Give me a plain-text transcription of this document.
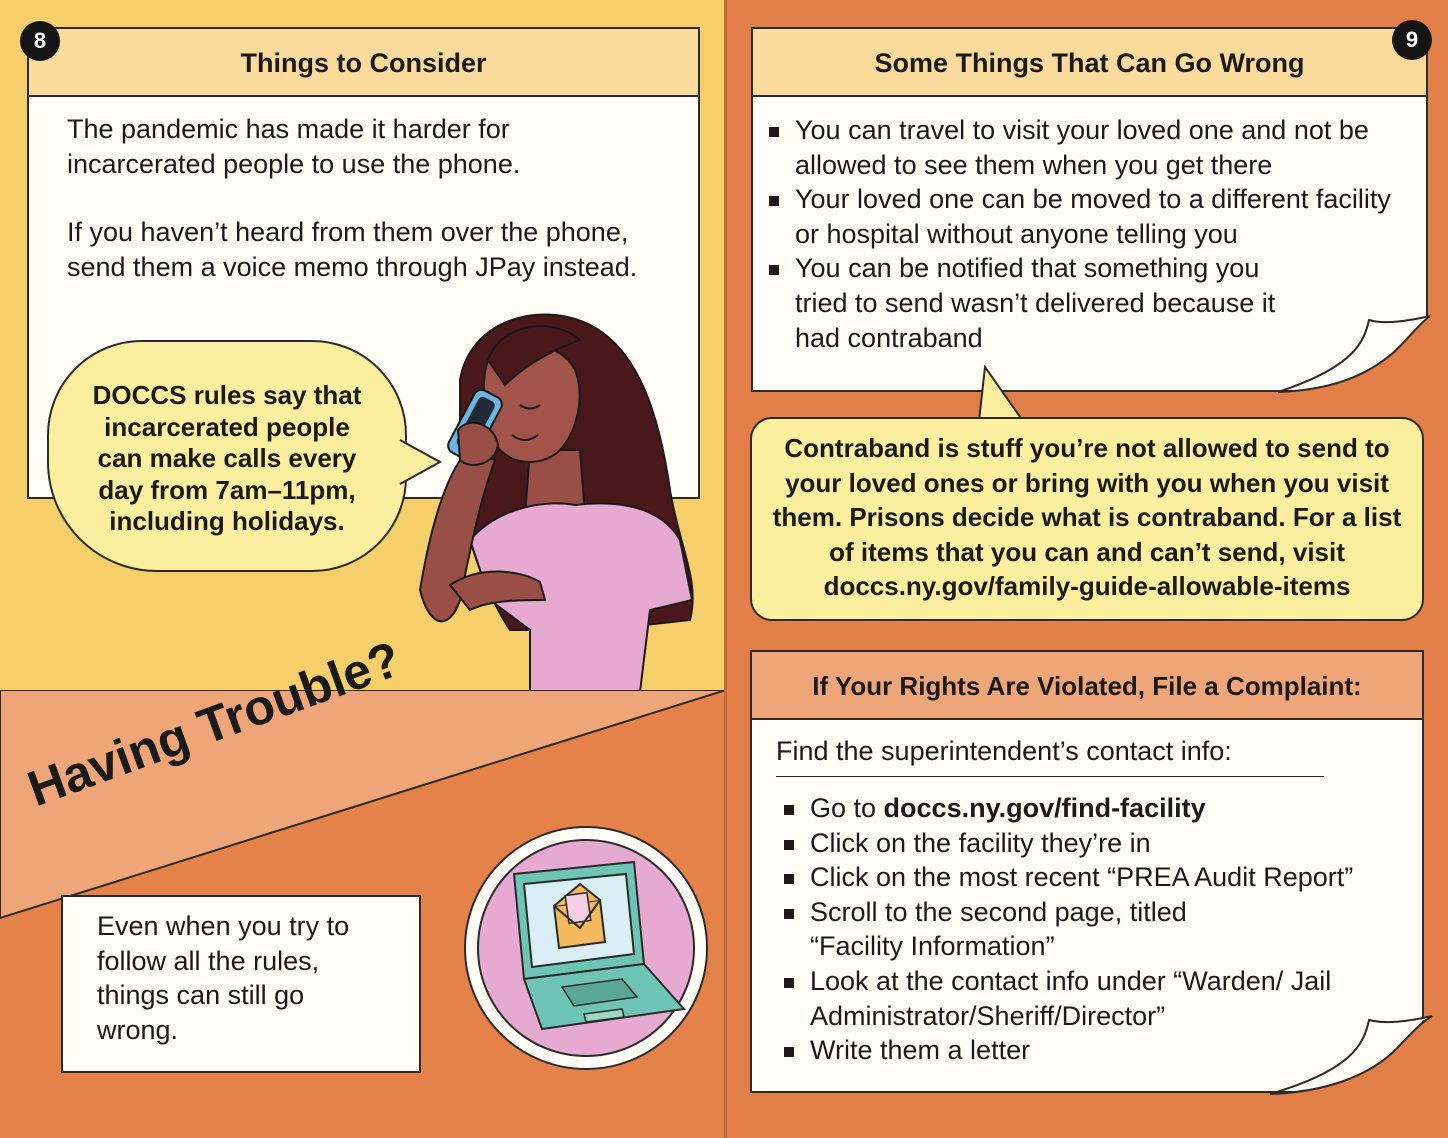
Things to Consider

The pandemic has made it harder for incarcerated people to use the phone.

If you haven’t heard from them over the phone, send them a voice memo through JPay instead.

DOCCS rules say that incarcerated people can make calls every day from 7am–11pm, including holidays.
Having Trouble?

Even when you try to follow all the rules, things can still go wrong.

8
Some Things That Can Go Wrong
You can travel to visit your loved one and not be allowed to see them when you get there
Your loved one can be moved to a different facility or hospital without anyone telling you
You can be notified that something you tried to send wasn’t delivered because it had contraband
Contraband is stuff you’re not allowed to send to your loved ones or bring with you when you visit them. Prisons decide what is contraband. For a list of items that you can and can’t send, visit
doccs.ny.gov/family-guide-allowable-items
If Your Rights Are Violated, File a Complaint:

Find the superintendent’s contact info:

Go to doccs.ny.gov/find-facility
Click on the facility they’re in
Click on the most recent “PREA Audit Report”
Scroll to the second page, titled “Facility Information”
Look at the contact info under “Warden/ Jail Administrator/Sheriff/Director”
Write them a letter
9
